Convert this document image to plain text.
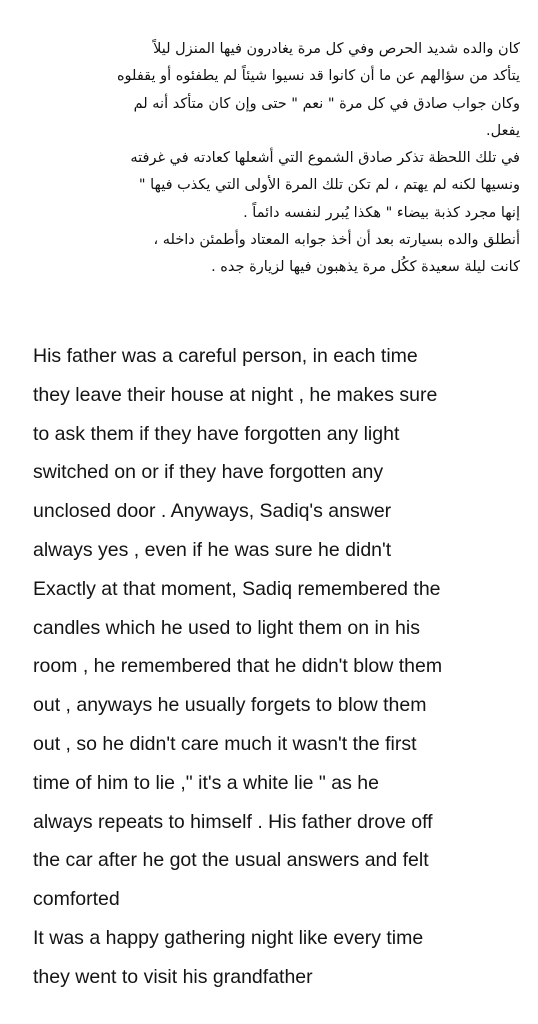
كان والده شديد الحرص وفي كل مرة يغادرون فيها المنزل ليلاً
يتأكد من سؤالهم عن ما أن كانوا قد نسيوا شيئاً لم يطفئوه أو يقفلوه
وكان جواب صادق في كل مرة " نعم " حتى وإن كان متأكد أنه لم
يفعل.
في تلك اللحظة تذكر صادق الشموع التي أشعلها كعادته في غرفته
ونسيها لكنه لم يهتم ، لم تكن تلك المرة الأولى التي يكذب فيها "
إنها مجرد كذبة بيضاء " هكذا يُبرر لنفسه دائماً .
أنطلق والده بسيارته بعد أن أخذ جوابه المعتاد وأطمئن داخله ،
كانت ليلة سعيدة ككُل مرة يذهبون فيها لزيارة جده .
His father was a careful person, in each time
they leave their house at night , he makes sure
to ask them if they have forgotten any light
switched on or if they have forgotten any
unclosed door . Anyways, Sadiq's answer
always yes , even if he was sure he didn't
Exactly at that moment, Sadiq remembered the
candles which he used to light them on in his
room , he remembered that he didn't blow them
out , anyways he usually forgets to blow them
out , so he didn't care much it wasn't the first
time of him to lie ," it's a white lie " as he
always repeats to himself . His father drove off
the car after he got the usual answers and felt
comforted
It was a happy gathering night like every time
they went to visit his grandfather
